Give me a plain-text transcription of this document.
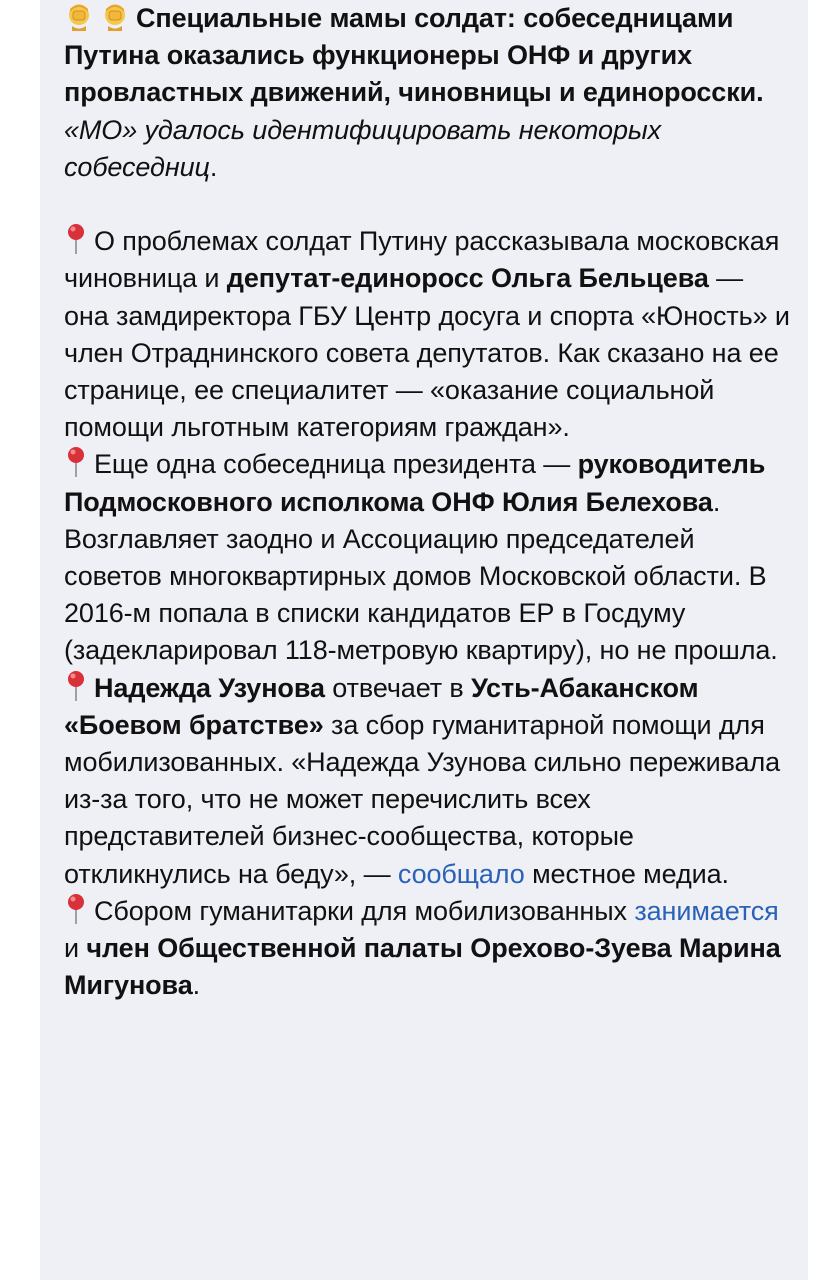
Специальные мамы солдат: собеседницами Путина оказались функционеры ОНФ и других провластных движений, чиновницы и единоросски. «МО» удалось идентифицировать некоторых собеседниц.

О проблемах солдат Путину рассказывала московская чиновница и депутат-единоросс Ольга Бельцева — она замдиректора ГБУ Центр досуга и спорта «Юность» и член Отраднинского совета депутатов. Как сказано на ее странице, ее специалитет — «оказание социальной помощи льготным категориям граждан».

Еще одна собеседница президента — руководитель Подмосковного исполкома ОНФ Юлия Белехова. Возглавляет заодно и Ассоциацию председателей советов многоквартирных домов Московской области. В 2016-м попала в списки кандидатов ЕР в Госдуму (задекларировал 118-метровую квартиру), но не прошла.

Надежда Узунова отвечает в Усть-Абаканском «Боевом братстве» за сбор гуманитарной помощи для мобилизованных. «Надежда Узунова сильно переживала из-за того, что не может перечислить всех представителей бизнес-сообщества, которые откликнулись на беду», — сообщало местное медиа.

Сбором гуманитарки для мобилизованных занимается и член Общественной палаты Орехово-Зуева Марина Мигунова.
